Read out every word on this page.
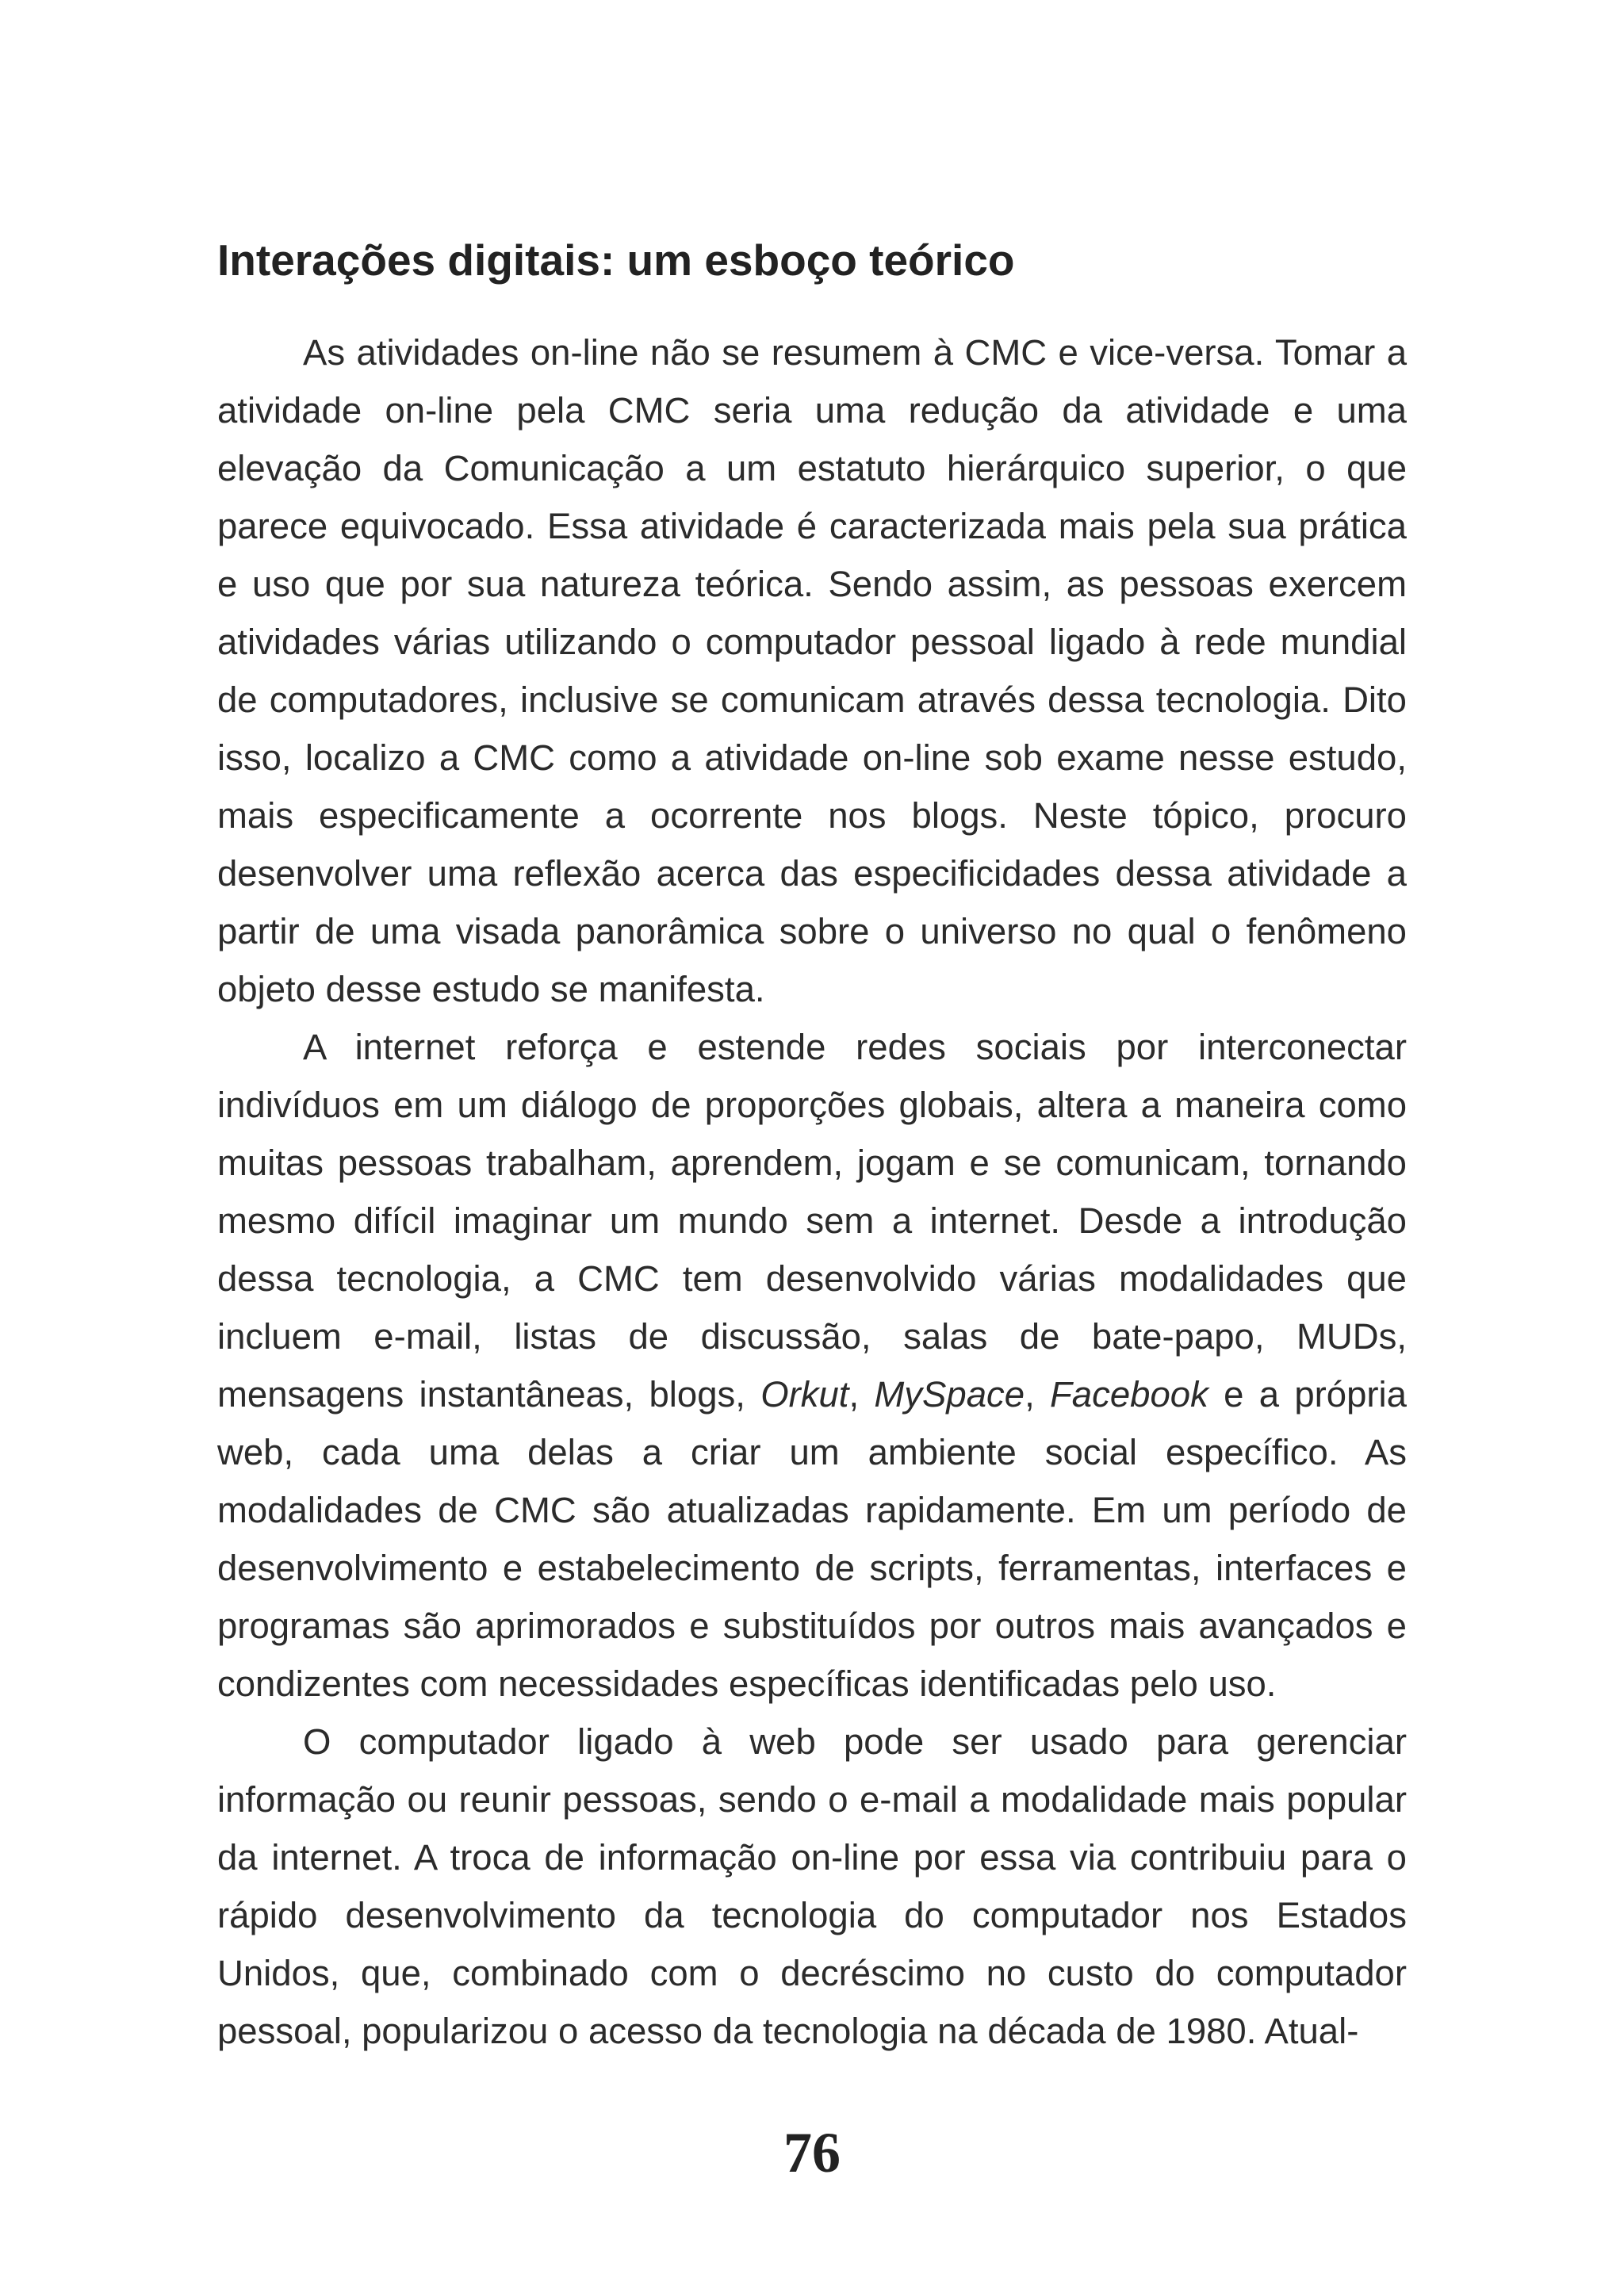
Interações digitais: um esboço teórico

As atividades on-line não se resumem à CMC e vice-versa. Tomar a atividade on-line pela CMC seria uma redução da atividade e uma elevação da Comunicação a um estatuto hierárquico superior, o que parece equivocado. Essa atividade é caracterizada mais pela sua prática e uso que por sua natureza teórica. Sendo assim, as pessoas exercem atividades várias utilizando o computador pessoal ligado à rede mundial de computadores, inclusive se comunicam através dessa tecnologia. Dito isso, localizo a CMC como a atividade on-line sob exame nesse estudo, mais especificamente a ocorrente nos blogs. Neste tópico, procuro desenvolver uma reflexão acerca das especificidades dessa atividade a partir de uma visada panorâmica sobre o universo no qual o fenômeno objeto desse estudo se manifesta.

A internet reforça e estende redes sociais por interconectar indivíduos em um diálogo de proporções globais, altera a maneira como muitas pessoas trabalham, aprendem, jogam e se comunicam, tornando mesmo difícil imaginar um mundo sem a internet. Desde a introdução dessa tecnologia, a CMC tem desenvolvido várias modalidades que incluem e-mail, listas de discussão, salas de bate-papo, MUDs, mensagens instantâneas, blogs, Orkut, MySpace, Facebook e a própria web, cada uma delas a criar um ambiente social específico. As modalidades de CMC são atualizadas rapidamente. Em um período de desenvolvimento e estabelecimento de scripts, ferramentas, interfaces e programas são aprimorados e substituídos por outros mais avançados e condizentes com necessidades específicas identificadas pelo uso.

O computador ligado à web pode ser usado para gerenciar informação ou reunir pessoas, sendo o e-mail a modalidade mais popular da internet. A troca de informação on-line por essa via contribuiu para o rápido desenvolvimento da tecnologia do computador nos Estados Unidos, que, combinado com o decréscimo no custo do computador pessoal, popularizou o acesso da tecnologia na década de 1980. Atual-

76
